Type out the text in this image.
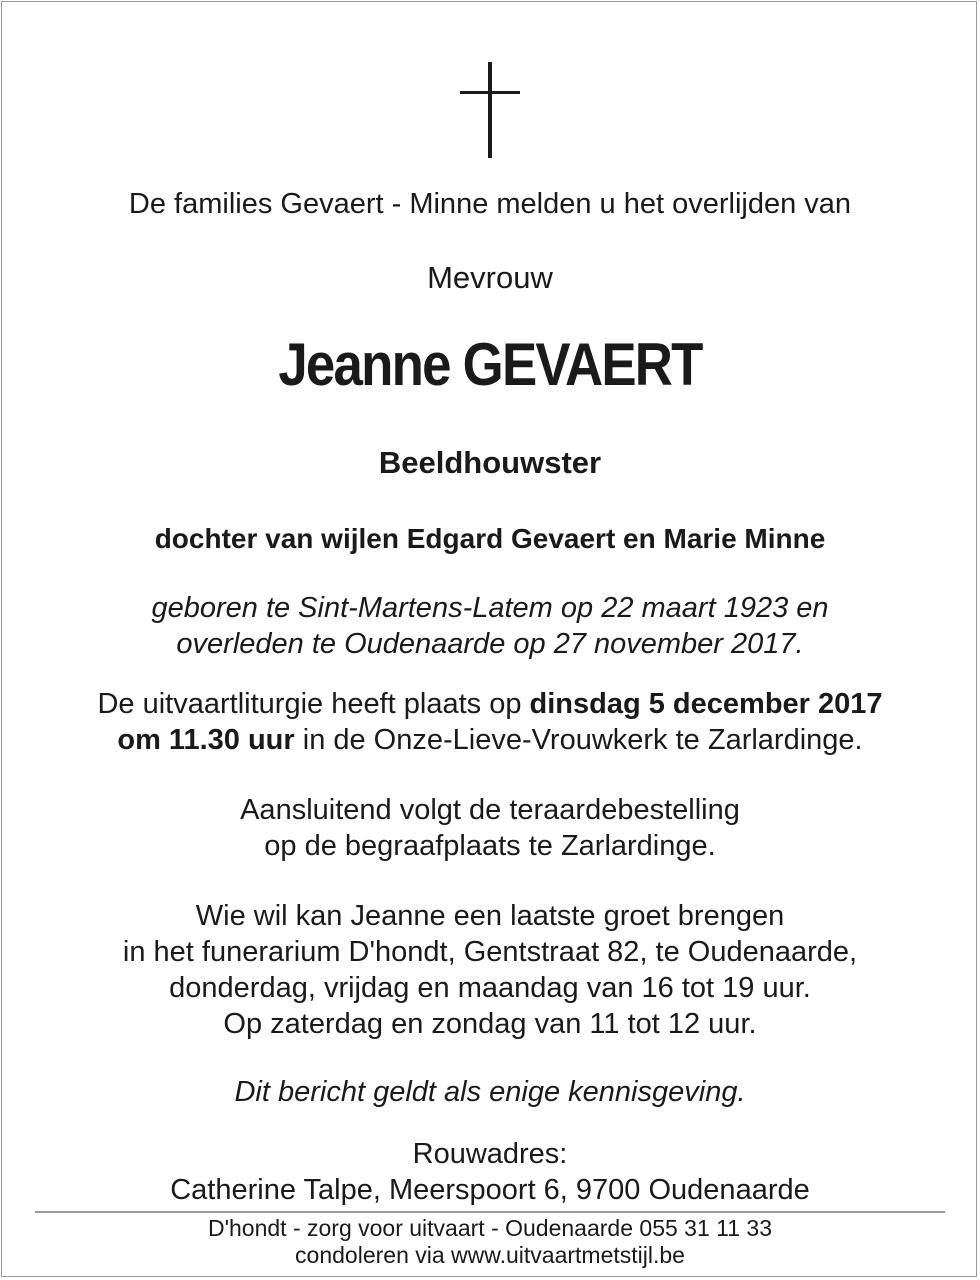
De families Gevaert - Minne melden u het overlijden van
Mevrouw
Jeanne GEVAERT
Beeldhouwster
dochter van wijlen Edgard Gevaert en Marie Minne
geboren te Sint-Martens-Latem op 22 maart 1923 en
overleden te Oudenaarde op 27 november 2017.
De uitvaartliturgie heeft plaats op dinsdag 5 december 2017
om 11.30 uur in de Onze-Lieve-Vrouwkerk te Zarlardinge.
Aansluitend volgt de teraardebestelling
op de begraafplaats te Zarlardinge.
Wie wil kan Jeanne een laatste groet brengen
in het funerarium D'hondt, Gentstraat 82, te Oudenaarde,
donderdag, vrijdag en maandag van 16 tot 19 uur.
Op zaterdag en zondag van 11 tot 12 uur.
Dit bericht geldt als enige kennisgeving.
Rouwadres:
Catherine Talpe, Meerspoort 6, 9700 Oudenaarde
D'hondt - zorg voor uitvaart - Oudenaarde 055 31 11 33
condoleren via www.uitvaartmetstijl.be
